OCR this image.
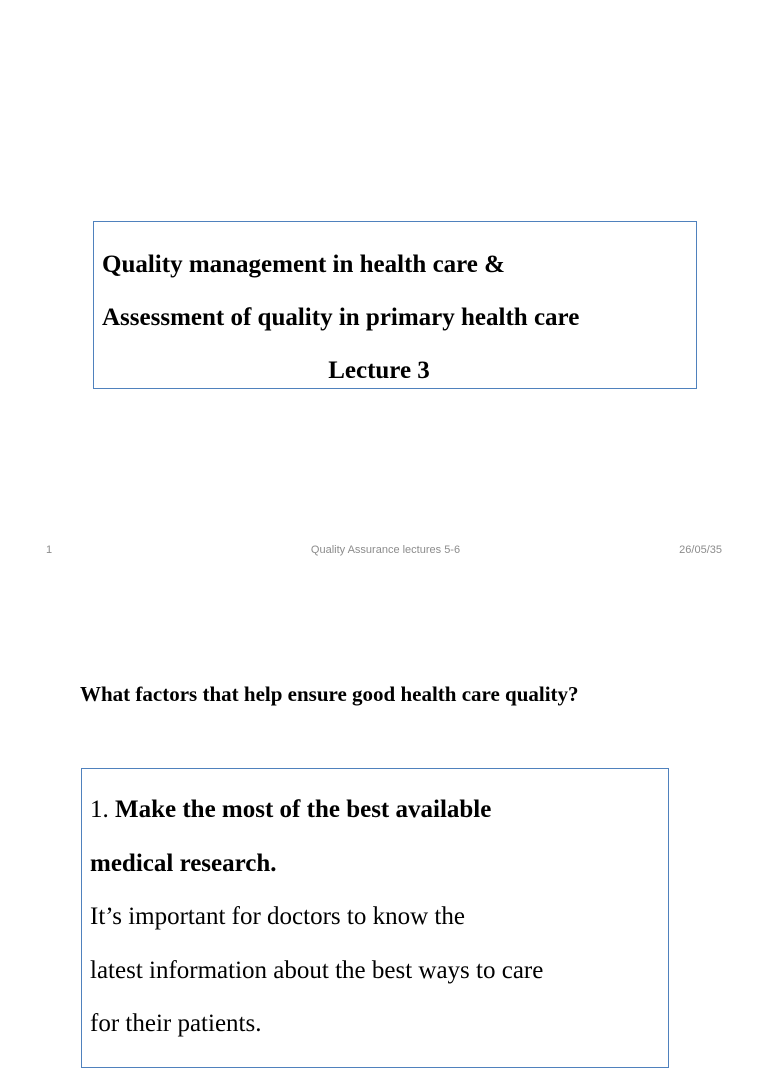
Quality management in health care &
Assessment of quality in primary health care
Lecture 3
1	Quality Assurance lectures 5-6	26/05/35
What factors that help ensure good health care quality?
1. Make the most of the best available
medical research.
It’s important for doctors to know the
latest information about the best ways to care
for their patients.
